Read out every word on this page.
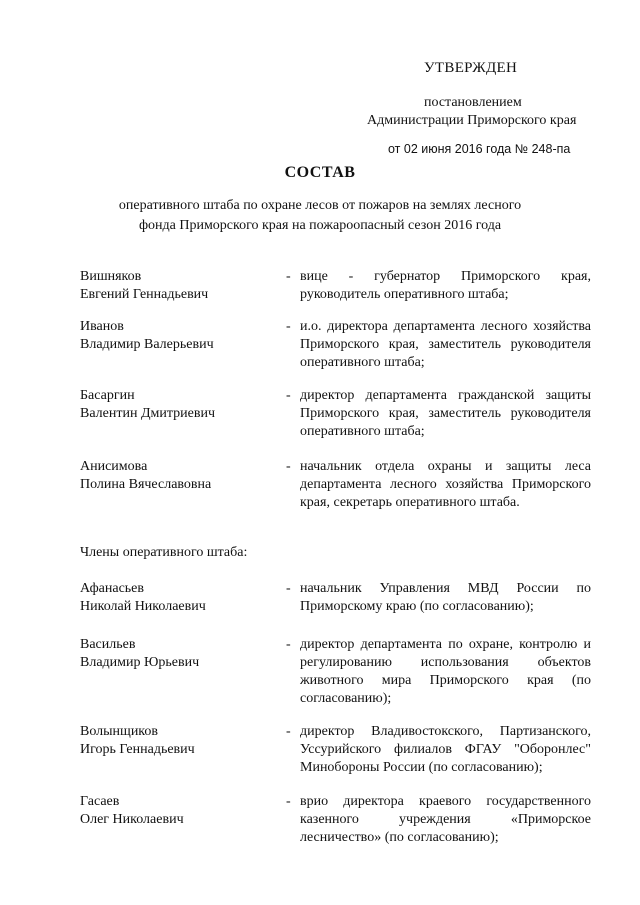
УТВЕРЖДЕН
постановлением
Администрации Приморского края
от 02 июня 2016 года № 248-па
СОСТАВ
оперативного штаба по охране лесов от пожаров на землях лесного
фонда Приморского края на пожароопасный сезон 2016 года
Вишняков
Евгений Геннадьевич
- вице - губернатор Приморского края, руководитель оперативного штаба;
Иванов
Владимир Валерьевич
- и.о. директора департамента лесного хозяйства Приморского края, заместитель руководителя оперативного штаба;
Басаргин
Валентин Дмитриевич
- директор департамента гражданской защиты Приморского края, заместитель руководителя оперативного штаба;
Анисимова
Полина Вячеславовна
- начальник отдела охраны и защиты леса департамента лесного хозяйства Приморского края, секретарь оперативного штаба.
Члены оперативного штаба:
Афанасьев
Николай Николаевич
- начальник Управления МВД России по Приморскому краю (по согласованию);
Васильев
Владимир Юрьевич
- директор департамента по охране, контролю и регулированию использования объектов животного мира Приморского края (по согласованию);
Волынщиков
Игорь Геннадьевич
- директор Владивостокского, Партизанского, Уссурийского филиалов ФГАУ "Оборонлес" Минобороны России (по согласованию);
Гасаев
Олег Николаевич
- врио директора краевого государственного казенного учреждения «Приморское лесничество» (по согласованию);
